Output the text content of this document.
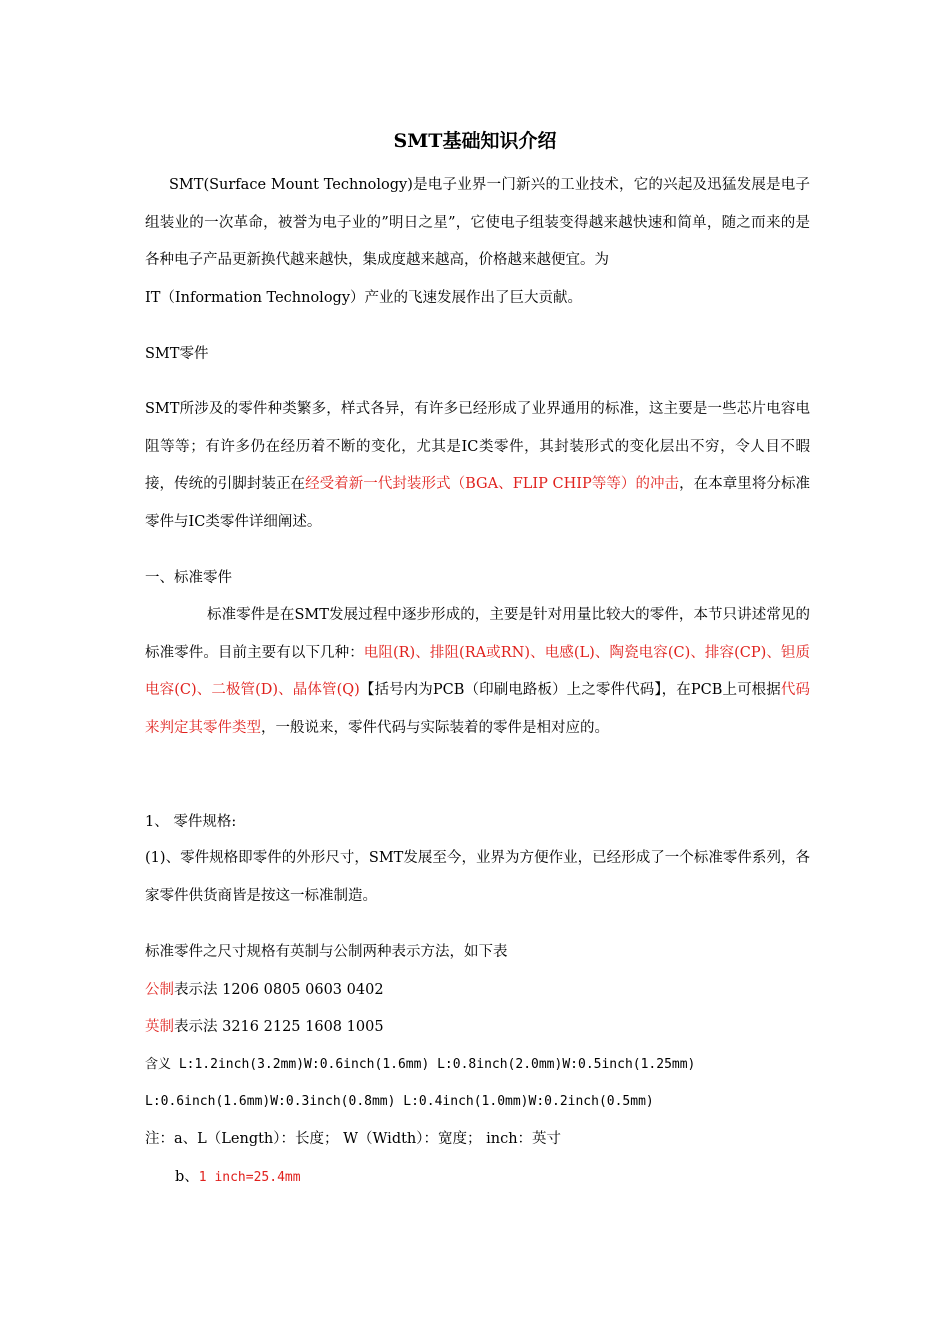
SMT基础知识介绍
SMT(Surface Mount Technology)是电子业界一门新兴的工业技术，它的兴起及迅猛发展是电子组装业的一次革命，被誉为电子业的”明日之星”，它使电子组装变得越来越快速和简单，随之而来的是各种电子产品更新换代越来越快，集成度越来越高，价格越来越便宜。为
IT（Information Technology）产业的飞速发展作出了巨大贡献。
SMT零件
SMT所涉及的零件种类繁多，样式各异，有许多已经形成了业界通用的标准，这主要是一些芯片电容电阻等等；有许多仍在经历着不断的变化，尤其是IC类零件，其封装形式的变化层出不穷，令人目不暇接，传统的引脚封装正在经受着新一代封装形式（BGA、FLIP CHIP等等）的冲击，在本章里将分标准零件与IC类零件详细阐述。
一、标准零件
标准零件是在SMT发展过程中逐步形成的，主要是针对用量比较大的零件，本节只讲述常见的标准零件。目前主要有以下几种：电阻(R)、排阻(RA或RN)、电感(L)、陶瓷电容(C)、排容(CP)、钽质电容(C)、二极管(D)、晶体管(Q)【括号内为PCB（印刷电路板）上之零件代码】，在PCB上可根据代码来判定其零件类型，一般说来，零件代码与实际装着的零件是相对应的。
1、 零件规格:
(1)、零件规格即零件的外形尺寸，SMT发展至今，业界为方便作业，已经形成了一个标准零件系列，各家零件供货商皆是按这一标准制造。
标准零件之尺寸规格有英制与公制两种表示方法，如下表
公制表示法 1206 0805 0603 0402
英制表示法 3216 2125 1608 1005
含义 L:1.2inch(3.2mm)W:0.6inch(1.6mm) L:0.8inch(2.0mm)W:0.5inch(1.25mm)
L:0.6inch(1.6mm)W:0.3inch(0.8mm) L:0.4inch(1.0mm)W:0.2inch(0.5mm)
注：a、L（Length）：长度； W（Width）：宽度； inch：英寸
b、1 inch=25.4mm
